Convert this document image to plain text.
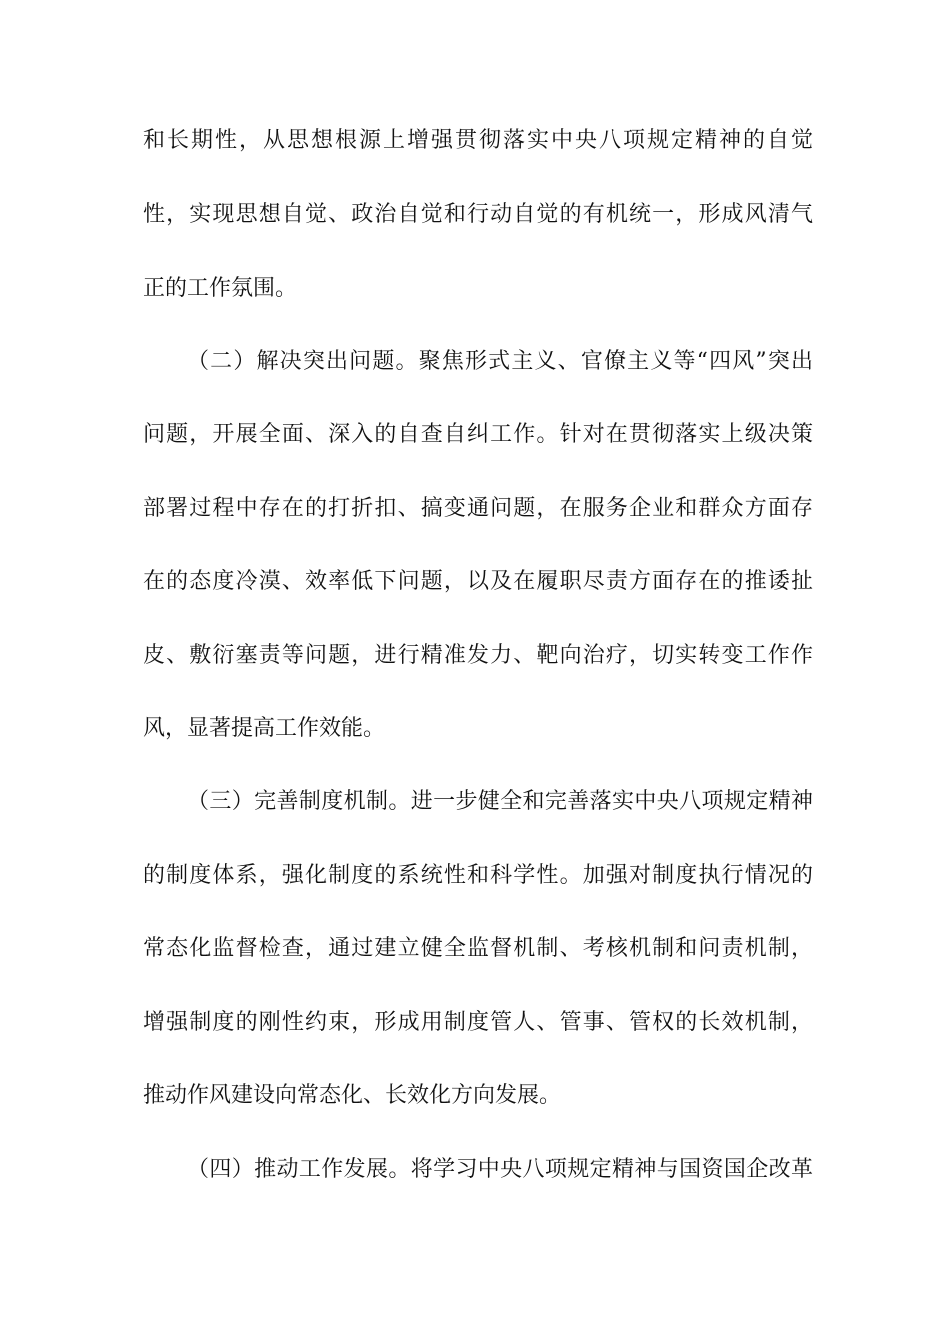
和长期性，从思想根源上增强贯彻落实中央八项规定精神的自觉
性，实现思想自觉、政治自觉和行动自觉的有机统一，形成风清气
正的工作氛围。
（二）解决突出问题。聚焦形式主义、官僚主义等“四风”突出
问题，开展全面、深入的自查自纠工作。针对在贯彻落实上级决策
部署过程中存在的打折扣、搞变通问题，在服务企业和群众方面存
在的态度冷漠、效率低下问题，以及在履职尽责方面存在的推诿扯
皮、敷衍塞责等问题，进行精准发力、靶向治疗，切实转变工作作
风，显著提高工作效能。
（三）完善制度机制。进一步健全和完善落实中央八项规定精神
的制度体系，强化制度的系统性和科学性。加强对制度执行情况的
常态化监督检查，通过建立健全监督机制、考核机制和问责机制，
增强制度的刚性约束，形成用制度管人、管事、管权的长效机制，
推动作风建设向常态化、长效化方向发展。
（四）推动工作发展。将学习中央八项规定精神与国资国企改革
